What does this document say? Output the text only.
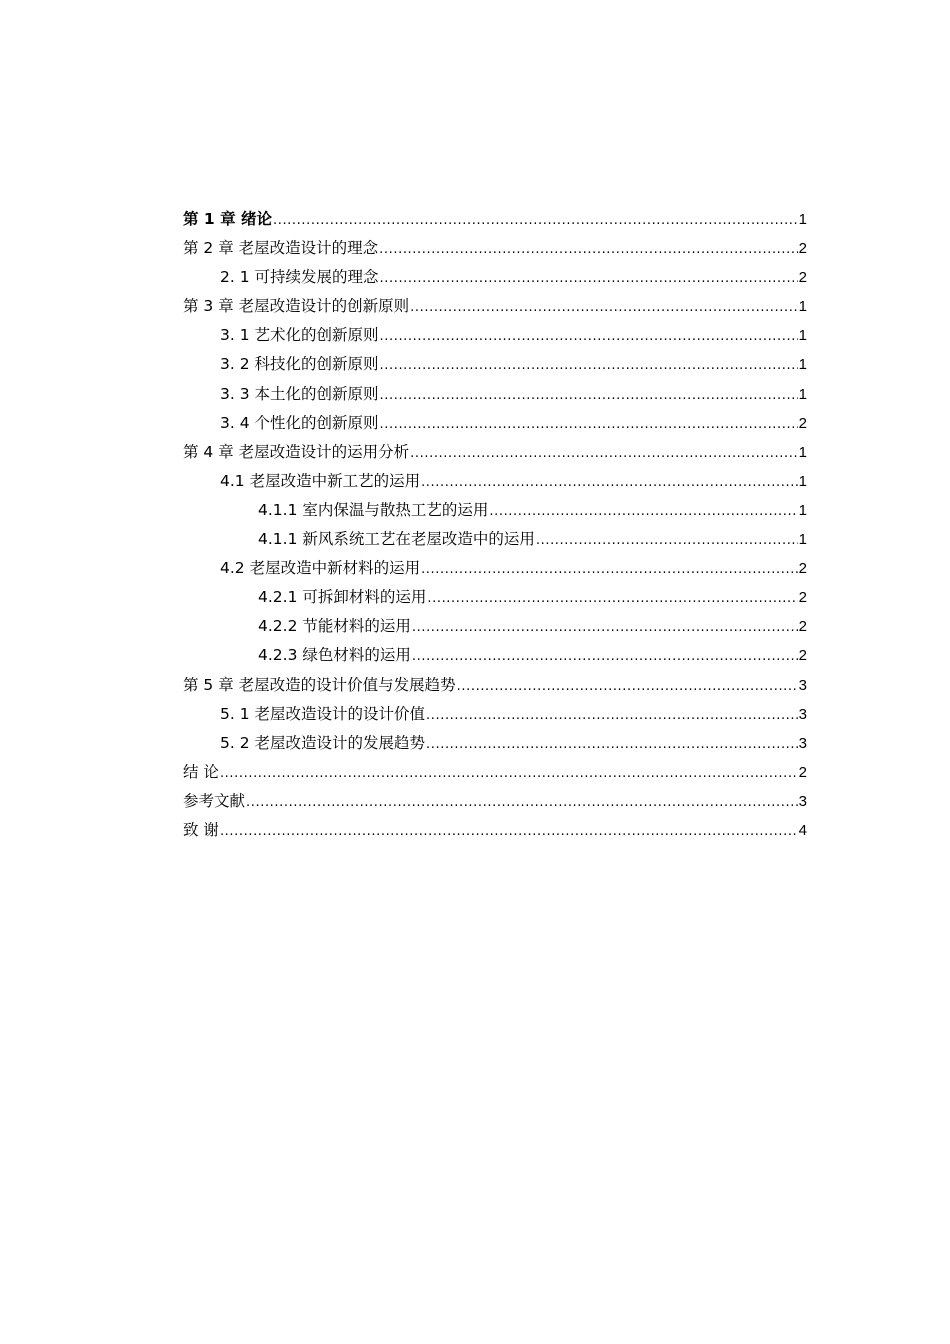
第 1 章 绪论 .....	1
第 2 章 老屋改造设计的理念 .....	2
2. 1 可持续发展的理念 .....	2
第 3 章 老屋改造设计的创新原则 .....	1
3. 1 艺术化的创新原则 .....	1
3. 2 科技化的创新原则 .....	1
3. 3 本土化的创新原则 .....	1
3. 4 个性化的创新原则 .....	2
第 4 章 老屋改造设计的运用分析 .....	1
4.1 老屋改造中新工艺的运用 .....	1
4.1.1 室内保温与散热工艺的运用 .....	1
4.1.1 新风系统工艺在老屋改造中的运用 .....	1
4.2 老屋改造中新材料的运用 .....	2
4.2.1 可拆卸材料的运用 .....	2
4.2.2 节能材料的运用 .....	2
4.2.3 绿色材料的运用 .....	2
第 5 章 老屋改造的设计价值与发展趋势 .....	3
5. 1 老屋改造设计的设计价值 .....	3
5. 2 老屋改造设计的发展趋势 .....	3
结 论 .....	2
参考文献 .....	3
致 谢 .....	4
